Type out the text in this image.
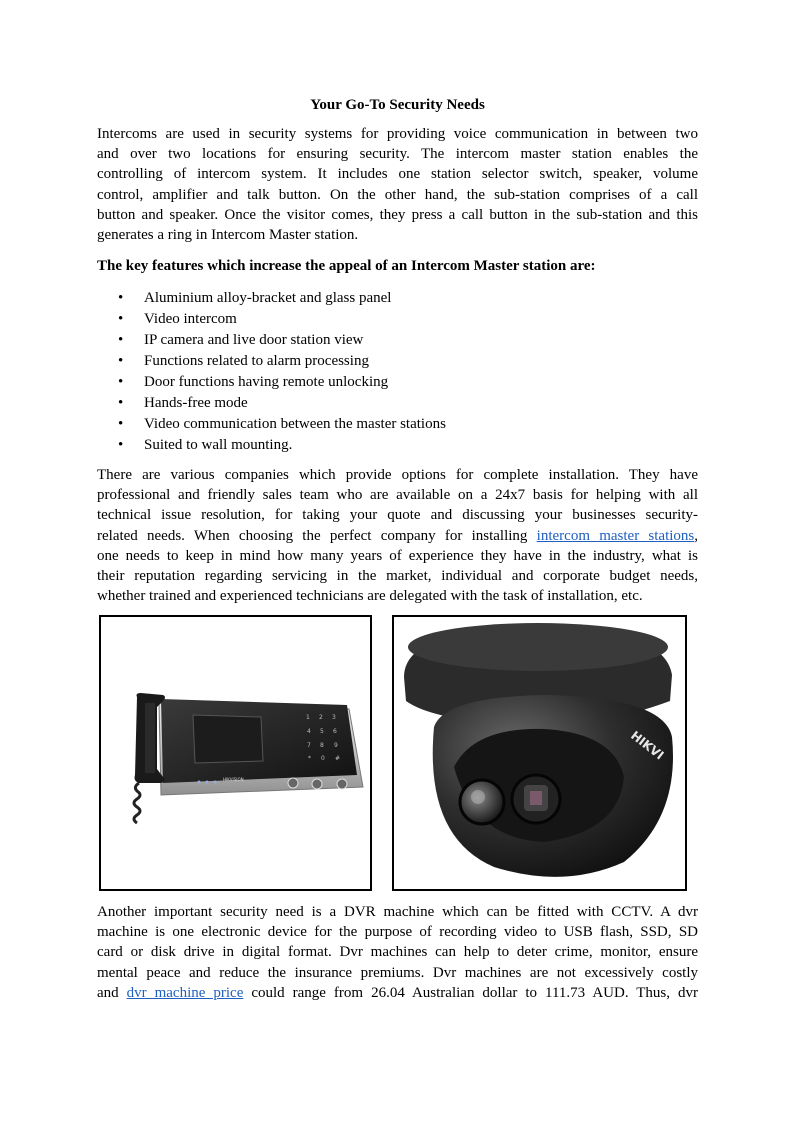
Your Go-To Security Needs

Intercoms are used in security systems for providing voice communication in between two
and over two locations for ensuring security. The intercom master station enables the
controlling of intercom system. It includes one station selector switch, speaker, volume
control, amplifier and talk button. On the other hand, the sub-station comprises of a call
button and speaker. Once the visitor comes, they press a call button in the sub-station and this
generates a ring in Intercom Master station.

The key features which increase the appeal of an Intercom Master station are:
• Aluminium alloy-bracket and glass panel
• Video intercom
• IP camera and live door station view
• Functions related to alarm processing
• Door functions having remote unlocking
• Hands-free mode
• Video communication between the master stations
• Suited to wall mounting.

There are various companies which provide options for complete installation. They have
professional and friendly sales team who are available on a 24x7 basis for helping with all
technical issue resolution, for taking your quote and discussing your businesses security-
related needs. When choosing the perfect company for installing intercom master stations,
one needs to keep in mind how many years of experience they have in the industry, what is
their reputation regarding servicing in the market, individual and corporate budget needs,
whether trained and experienced technicians are delegated with the task of installation, etc.

1 2 3
4 5 6
7 8 9
* 0 #
HIKVISION
HIKVI

Another important security need is a DVR machine which can be fitted with CCTV. A dvr
machine is one electronic device for the purpose of recording video to USB flash, SSD, SD
card or disk drive in digital format. Dvr machines can help to deter crime, monitor, ensure
mental peace and reduce the insurance premiums. Dvr machines are not excessively costly
and dvr machine price could range from 26.04 Australian dollar to 111.73 AUD. Thus, dvr
